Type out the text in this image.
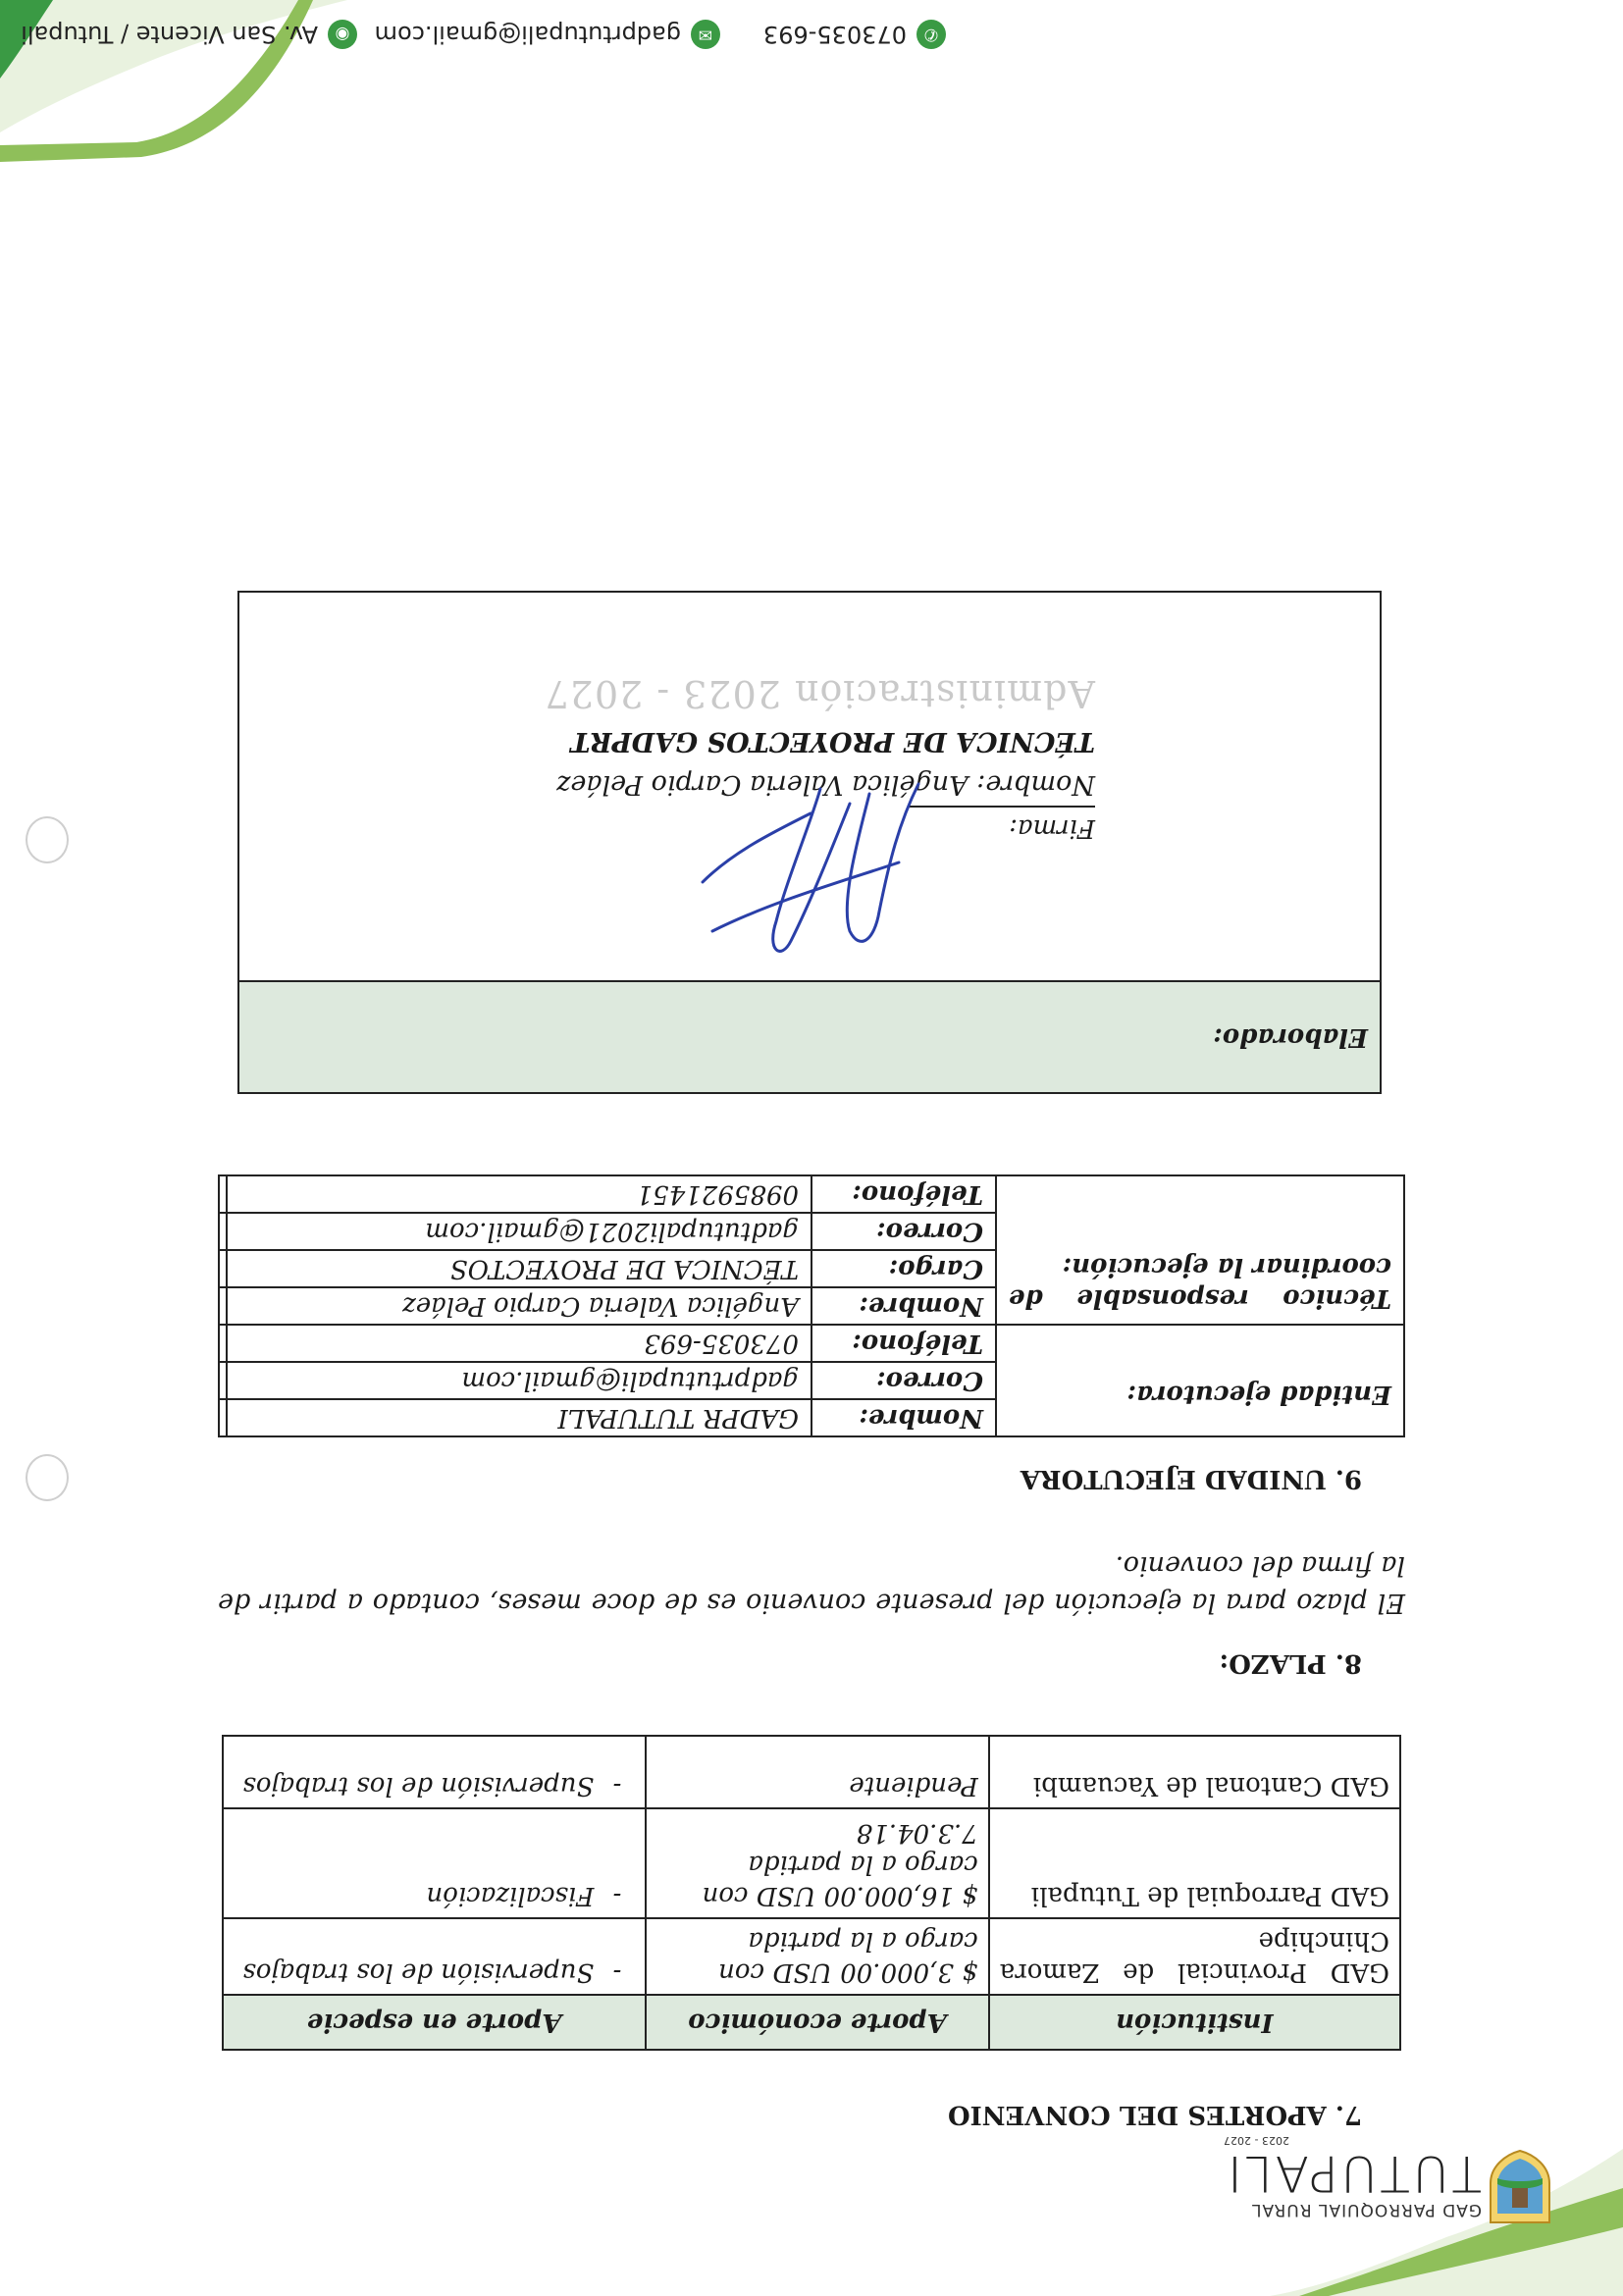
GAD PARROQUIAL RURAL
TUTUPALI
2023 - 2027
7. APORTES DEL CONVENIO
Institución	Aporte económico	Aporte en especie
GAD Provincial de Zamora Chinchipe	$ 3,000.00 USD con cargo a la partida	-Supervisión de los trabajos
GAD Parroquial de Tutupali	$ 16,000.00 USD con cargo a la partida 7.3.04.18	-Fiscalización
GAD Cantonal de Yacuambi	Pendiente	-Supervisión de los trabajos
8. PLAZO:

El plazo para la ejecución del presente convenio es de doce meses, contado a partir de la firma del convenio.

9. UNIDAD EJECUTORA
Entidad ejecutora:	Nombre:	GADPR TUTUPALI	
	Correo:	gadprtutupali@gmail.com	
	Teléfono:	073035-693	
Técnico responsable de coordinar la ejecución:	Nombre:	Angélica Valeria Carpio Peláez	
	Cargo:	TÉCNICA DE PROYECTOS	
	Correo:	gadtutupali2021@gmail.com	
	Teléfono:	0985921451	
Elaborado:

Firma:
Nombre: Angélica Valeria Carpio Peláez
TÉCNICA DE PROYECTOS GADPRT
Administración 2023 - 2027
✆
073035-693
✉
gadprtutupali@gmail.com
◉
Av. San Vicente / Tutupali
